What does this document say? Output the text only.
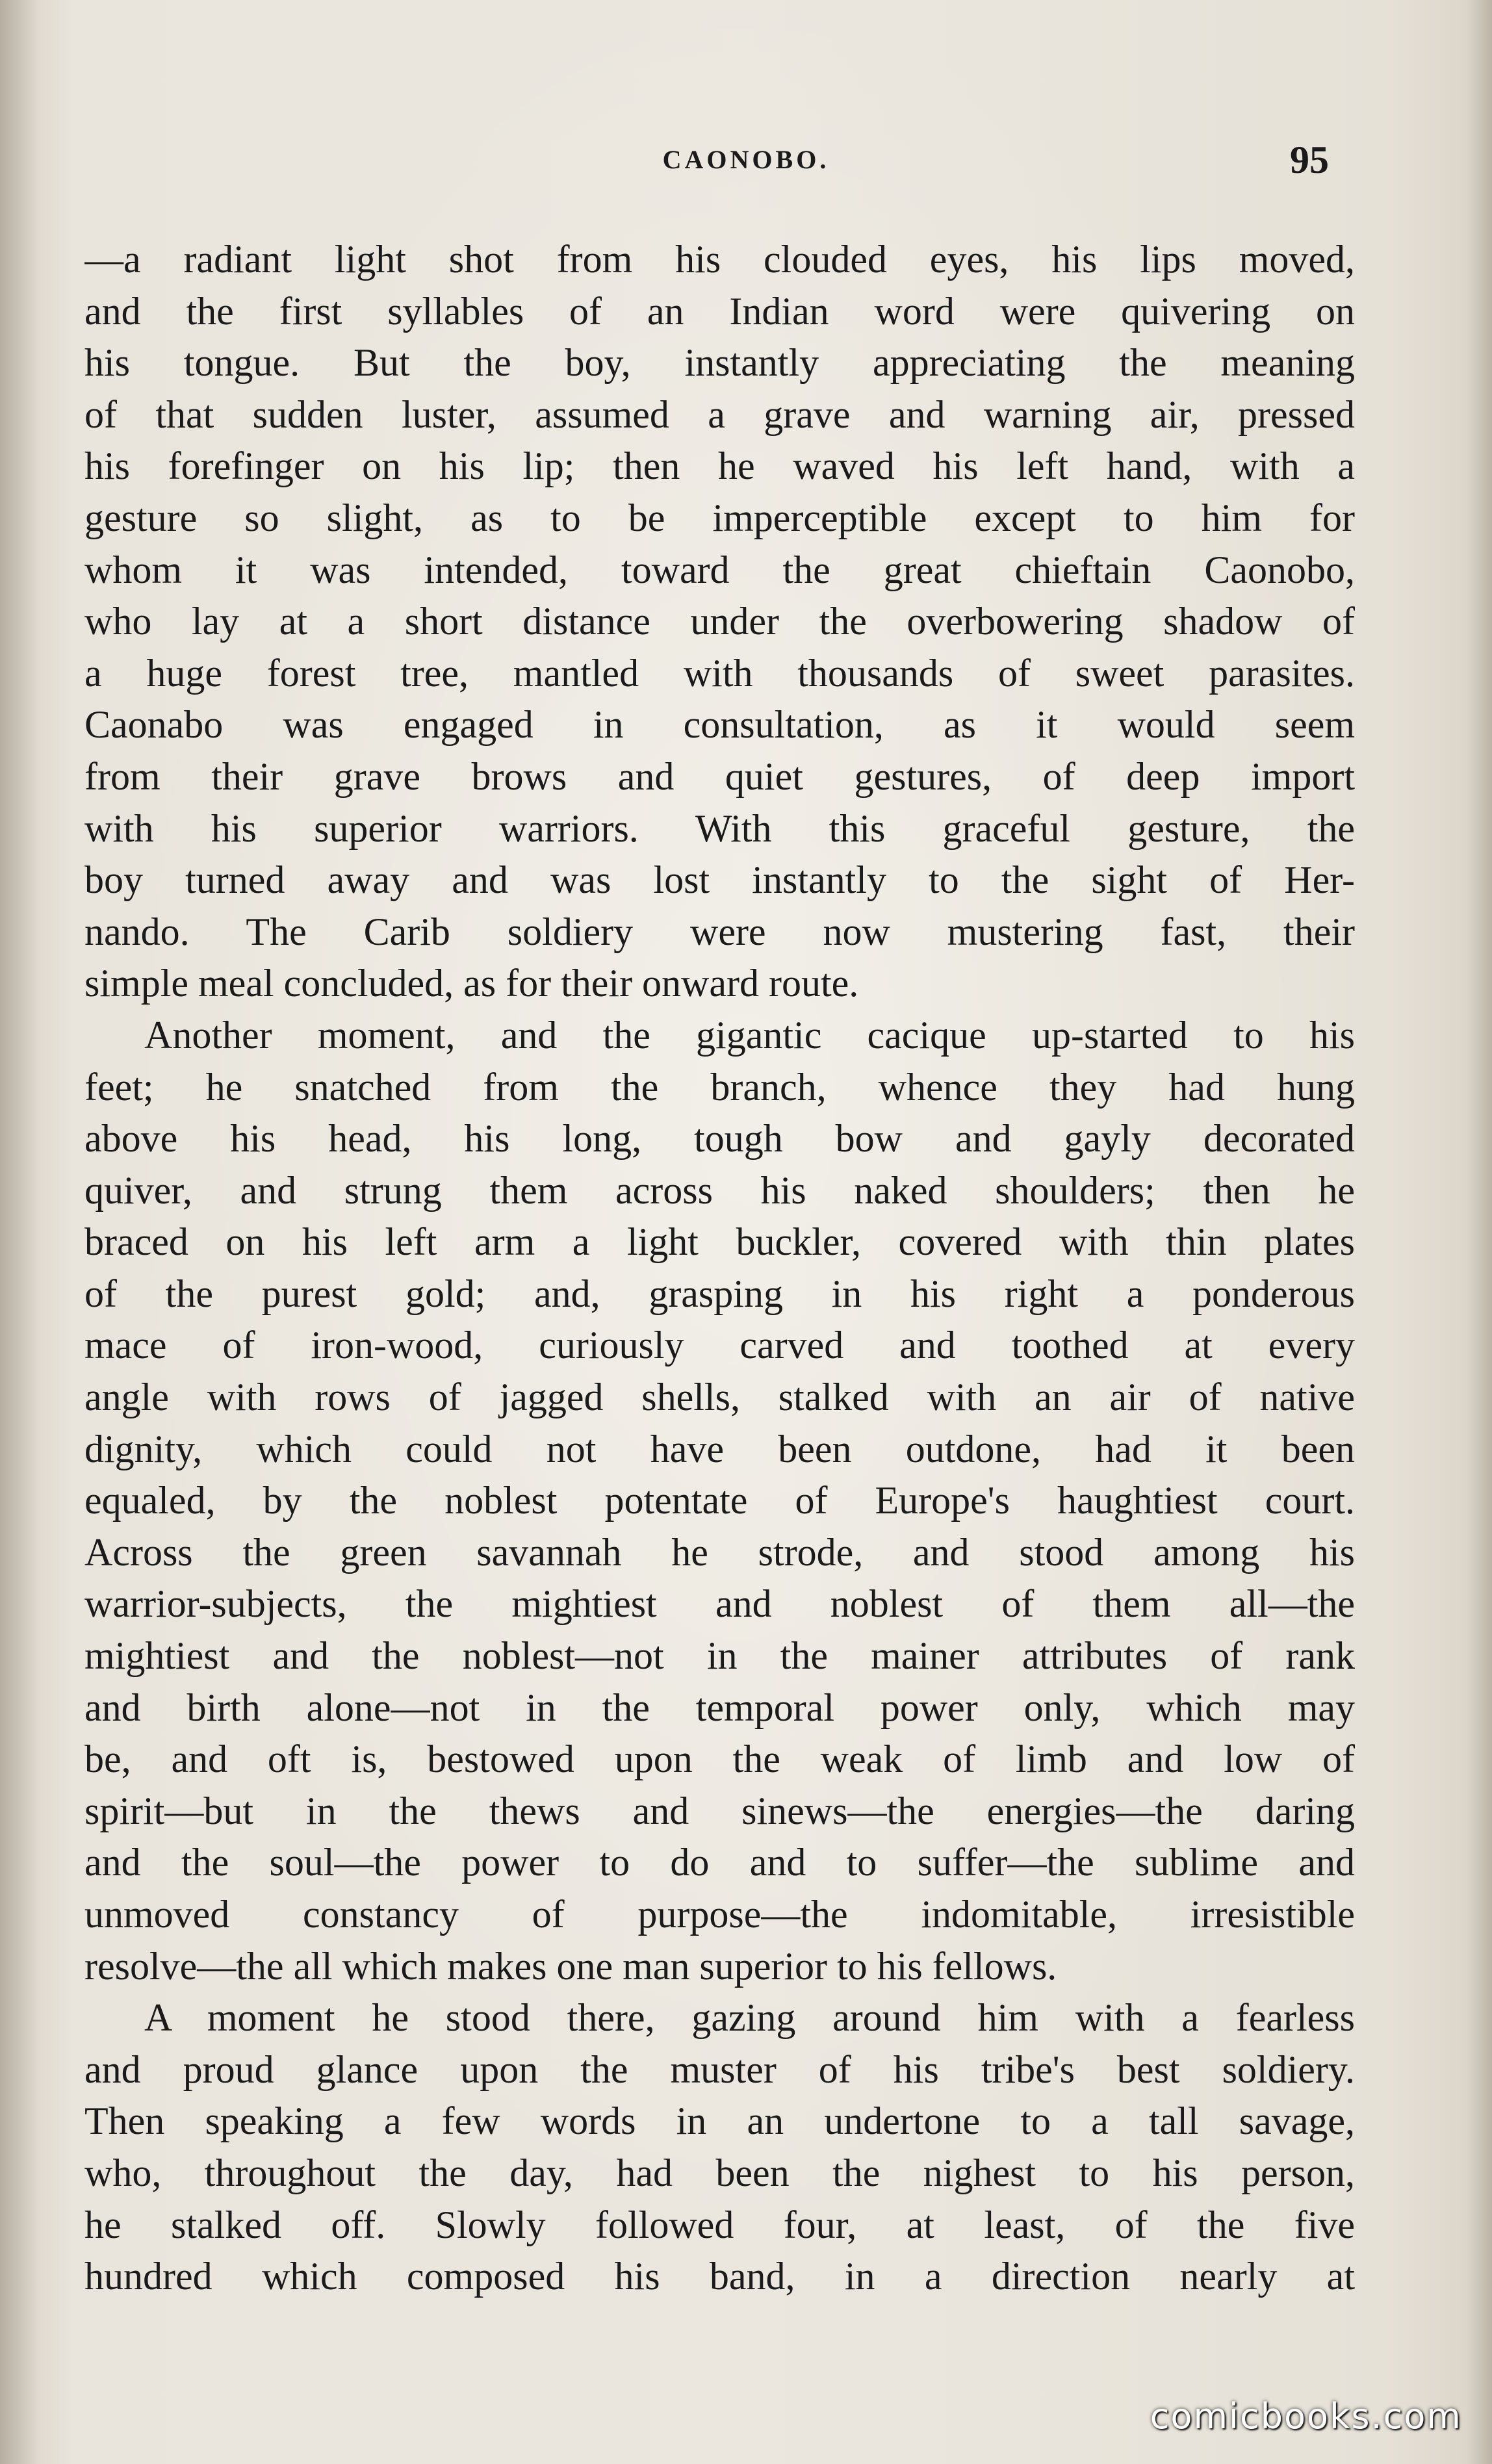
CAONOBO.	95
—a radiant light shot from his clouded eyes, his lips moved,
and the first syllables of an Indian word were quivering on
his tongue. But the boy, instantly appreciating the meaning
of that sudden luster, assumed a grave and warning air, pressed
his forefinger on his lip; then he waved his left hand, with a
gesture so slight, as to be imperceptible except to him for
whom it was intended, toward the great chieftain Caonobo,
who lay at a short distance under the overbowering shadow of
a huge forest tree, mantled with thousands of sweet parasites.
Caonabo was engaged in consultation, as it would seem
from their grave brows and quiet gestures, of deep import
with his superior warriors. With this graceful gesture, the
boy turned away and was lost instantly to the sight of Her-
nando. The Carib soldiery were now mustering fast, their
simple meal concluded, as for their onward route.
Another moment, and the gigantic cacique up-started to his
feet; he snatched from the branch, whence they had hung
above his head, his long, tough bow and gayly decorated
quiver, and strung them across his naked shoulders; then he
braced on his left arm a light buckler, covered with thin plates
of the purest gold; and, grasping in his right a ponderous
mace of iron-wood, curiously carved and toothed at every
angle with rows of jagged shells, stalked with an air of native
dignity, which could not have been outdone, had it been
equaled, by the noblest potentate of Europe's haughtiest court.
Across the green savannah he strode, and stood among his
warrior-subjects, the mightiest and noblest of them all—the
mightiest and the noblest—not in the mainer attributes of rank
and birth alone—not in the temporal power only, which may
be, and oft is, bestowed upon the weak of limb and low of
spirit—but in the thews and sinews—the energies—the daring
and the soul—the power to do and to suffer—the sublime and
unmoved constancy of purpose—the indomitable, irresistible
resolve—the all which makes one man superior to his fellows.
A moment he stood there, gazing around him with a fearless
and proud glance upon the muster of his tribe's best soldiery.
Then speaking a few words in an undertone to a tall savage,
who, throughout the day, had been the nighest to his person,
he stalked off. Slowly followed four, at least, of the five
hundred which composed his band, in a direction nearly at
comicbooks.com
